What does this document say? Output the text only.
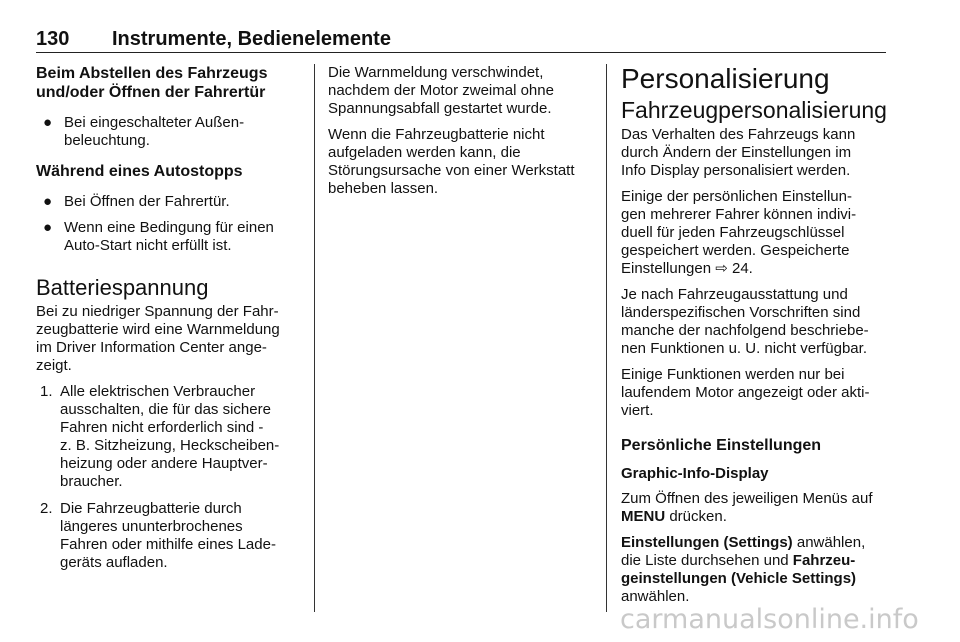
130 Instrumente, Bedienelemente
Beim Abstellen des Fahrzeugs
und/oder Öffnen der Fahrertür
● Bei eingeschalteter Außen-
beleuchtung.
Während eines Autostopps
● Bei Öffnen der Fahrertür.
● Wenn eine Bedingung für einen
Auto-Start nicht erfüllt ist.
Batteriespannung

Bei zu niedriger Spannung der Fahr-
zeugbatterie wird eine Warnmeldung
im Driver Information Center ange-
zeigt.

1. Alle elektrischen Verbraucher
ausschalten, die für das sichere
Fahren nicht erforderlich sind -
z. B. Sitzheizung, Heckscheiben-
heizung oder andere Hauptver-
braucher.
2. Die Fahrzeugbatterie durch
längeres ununterbrochenes
Fahren oder mithilfe eines Lade-
geräts aufladen.

Die Warnmeldung verschwindet,
nachdem der Motor zweimal ohne
Spannungsabfall gestartet wurde.

Wenn die Fahrzeugbatterie nicht
aufgeladen werden kann, die
Störungsursache von einer Werkstatt
beheben lassen.

Personalisierung
Fahrzeugpersonalisierung

Das Verhalten des Fahrzeugs kann
durch Ändern der Einstellungen im
Info Display personalisiert werden.

Einige der persönlichen Einstellun-
gen mehrerer Fahrer können indivi-
duell für jeden Fahrzeugschlüssel
gespeichert werden. Gespeicherte
Einstellungen ⇨ 24.

Je nach Fahrzeugausstattung und
länderspezifischen Vorschriften sind
manche der nachfolgend beschriebe-
nen Funktionen u. U. nicht verfügbar.

Einige Funktionen werden nur bei
laufendem Motor angezeigt oder akti-
viert.

Persönliche Einstellungen

Graphic-Info-Display

Zum Öffnen des jeweiligen Menüs auf
MENU drücken.

Einstellungen (Settings) anwählen,
die Liste durchsehen und Fahrzeu-
geinstellungen (Vehicle Settings)
anwählen.

carmanualsonline.info
